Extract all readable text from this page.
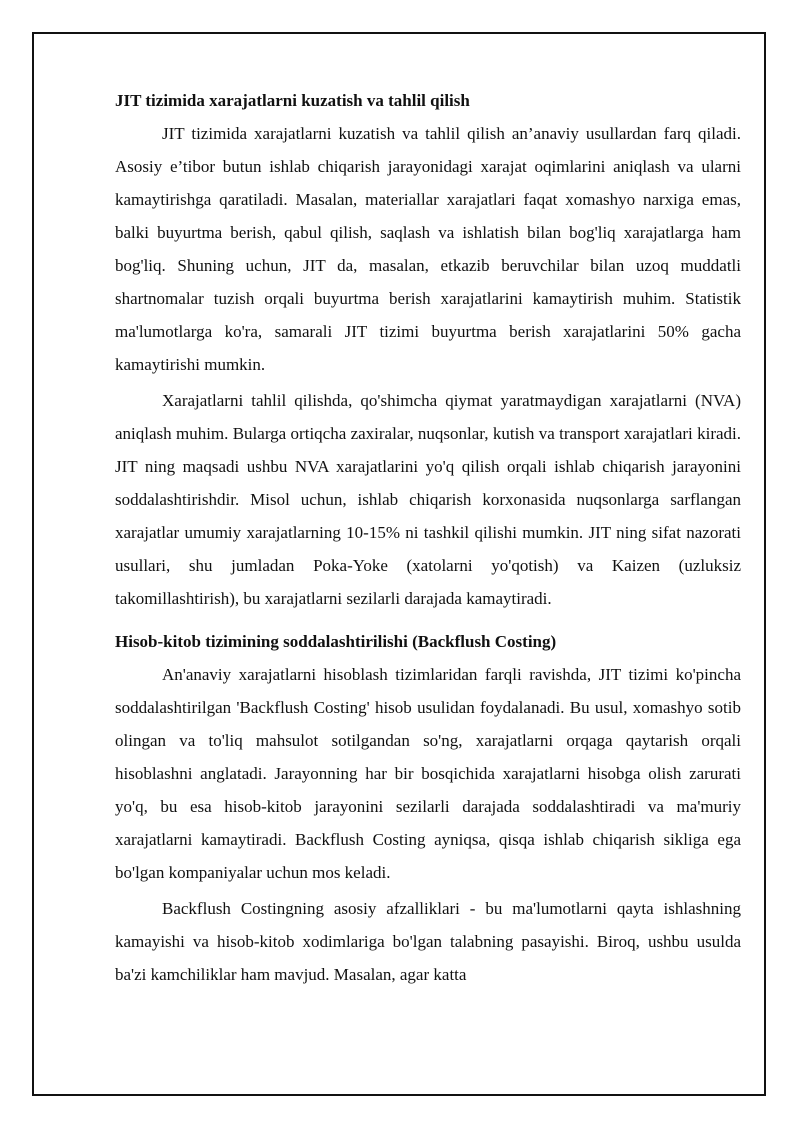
JIT tizimida xarajatlarni kuzatish va tahlil qilish

JIT tizimida xarajatlarni kuzatish va tahlil qilish an’anaviy usullardan farq qiladi. Asosiy e’tibor butun ishlab chiqarish jarayonidagi xarajat oqimlarini aniqlash va ularni kamaytirishga qaratiladi. Masalan, materiallar xarajatlari faqat xomashyo narxiga emas, balki buyurtma berish, qabul qilish, saqlash va ishlatish bilan bog'liq xarajatlarga ham bog'liq. Shuning uchun, JIT da, masalan, etkazib beruvchilar bilan uzoq muddatli shartnomalar tuzish orqali buyurtma berish xarajatlarini kamaytirish muhim. Statistik ma'lumotlarga ko'ra, samarali JIT tizimi buyurtma berish xarajatlarini 50% gacha kamaytirishi mumkin.

Xarajatlarni tahlil qilishda, qo'shimcha qiymat yaratmaydigan xarajatlarni (NVA) aniqlash muhim. Bularga ortiqcha zaxiralar, nuqsonlar, kutish va transport xarajatlari kiradi. JIT ning maqsadi ushbu NVA xarajatlarini yo'q qilish orqali ishlab chiqarish jarayonini soddalashtirishdir. Misol uchun, ishlab chiqarish korxonasida nuqsonlarga sarflangan xarajatlar umumiy xarajatlarning 10-15% ni tashkil qilishi mumkin. JIT ning sifat nazorati usullari, shu jumladan Poka-Yoke (xatolarni yo'qotish) va Kaizen (uzluksiz takomillashtirish), bu xarajatlarni sezilarli darajada kamaytiradi.

Hisob-kitob tizimining soddalashtirilishi (Backflush Costing)

An'anaviy xarajatlarni hisoblash tizimlaridan farqli ravishda, JIT tizimi ko'pincha soddalashtirilgan 'Backflush Costing' hisob usulidan foydalanadi. Bu usul, xomashyo sotib olingan va to'liq mahsulot sotilgandan so'ng, xarajatlarni orqaga qaytarish orqali hisoblashni anglatadi. Jarayonning har bir bosqichida xarajatlarni hisobga olish zarurati yo'q, bu esa hisob-kitob jarayonini sezilarli darajada soddalashtiradi va ma'muriy xarajatlarni kamaytiradi. Backflush Costing ayniqsa, qisqa ishlab chiqarish sikliga ega bo'lgan kompaniyalar uchun mos keladi.

Backflush Costingning asosiy afzalliklari - bu ma'lumotlarni qayta ishlashning kamayishi va hisob-kitob xodimlariga bo'lgan talabning pasayishi. Biroq, ushbu usulda ba'zi kamchiliklar ham mavjud. Masalan, agar katta
